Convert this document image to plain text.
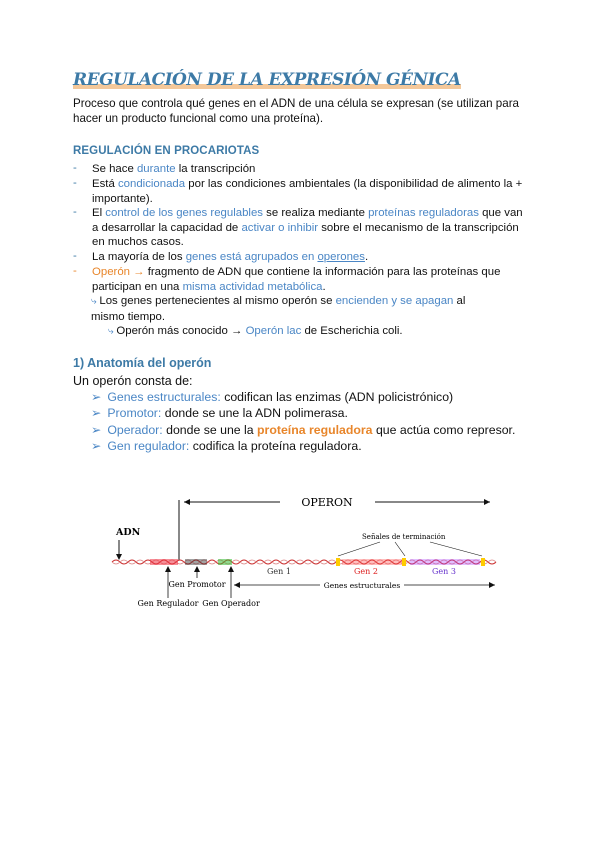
REGULACIÓN DE LA EXPRESIÓN GÉNICA
Proceso que controla qué genes en el ADN de una célula se expresan (se utilizan para hacer un producto funcional como una proteína).
REGULACIÓN EN PROCARIOTAS
- Se hace durante la transcripción
- Está condicionada por las condiciones ambientales (la disponibilidad de alimento la + importante).
- El control de los genes regulables se realiza mediante proteínas reguladoras que van a desarrollar la capacidad de activar o inhibir sobre el mecanismo de la transcripción en muchos casos.
- La mayoría de los genes está agrupados en operones.
- Operón → fragmento de ADN que contiene la información para las proteínas que participan en una misma actividad metabólica.
⤷ Los genes pertenecientes al mismo operón se encienden y se apagan al mismo tiempo.
⤷ Operón más conocido → Operón lac de Escherichia coli.
1) Anatomía del operón
Un operón consta de:
➢ Genes estructurales: codifican las enzimas (ADN policistrónico)
➢ Promotor: donde se une la ADN polimerasa.
➢ Operador: donde se une la proteína reguladora que actúa como represor.
➢ Gen regulador: codifica la proteína reguladora.
OPERON
ADN
Gen 1	Gen 2	Gen 3
Señales de terminación
Genes estructurales
Gen Regulador
Gen Promotor
Gen Operador
